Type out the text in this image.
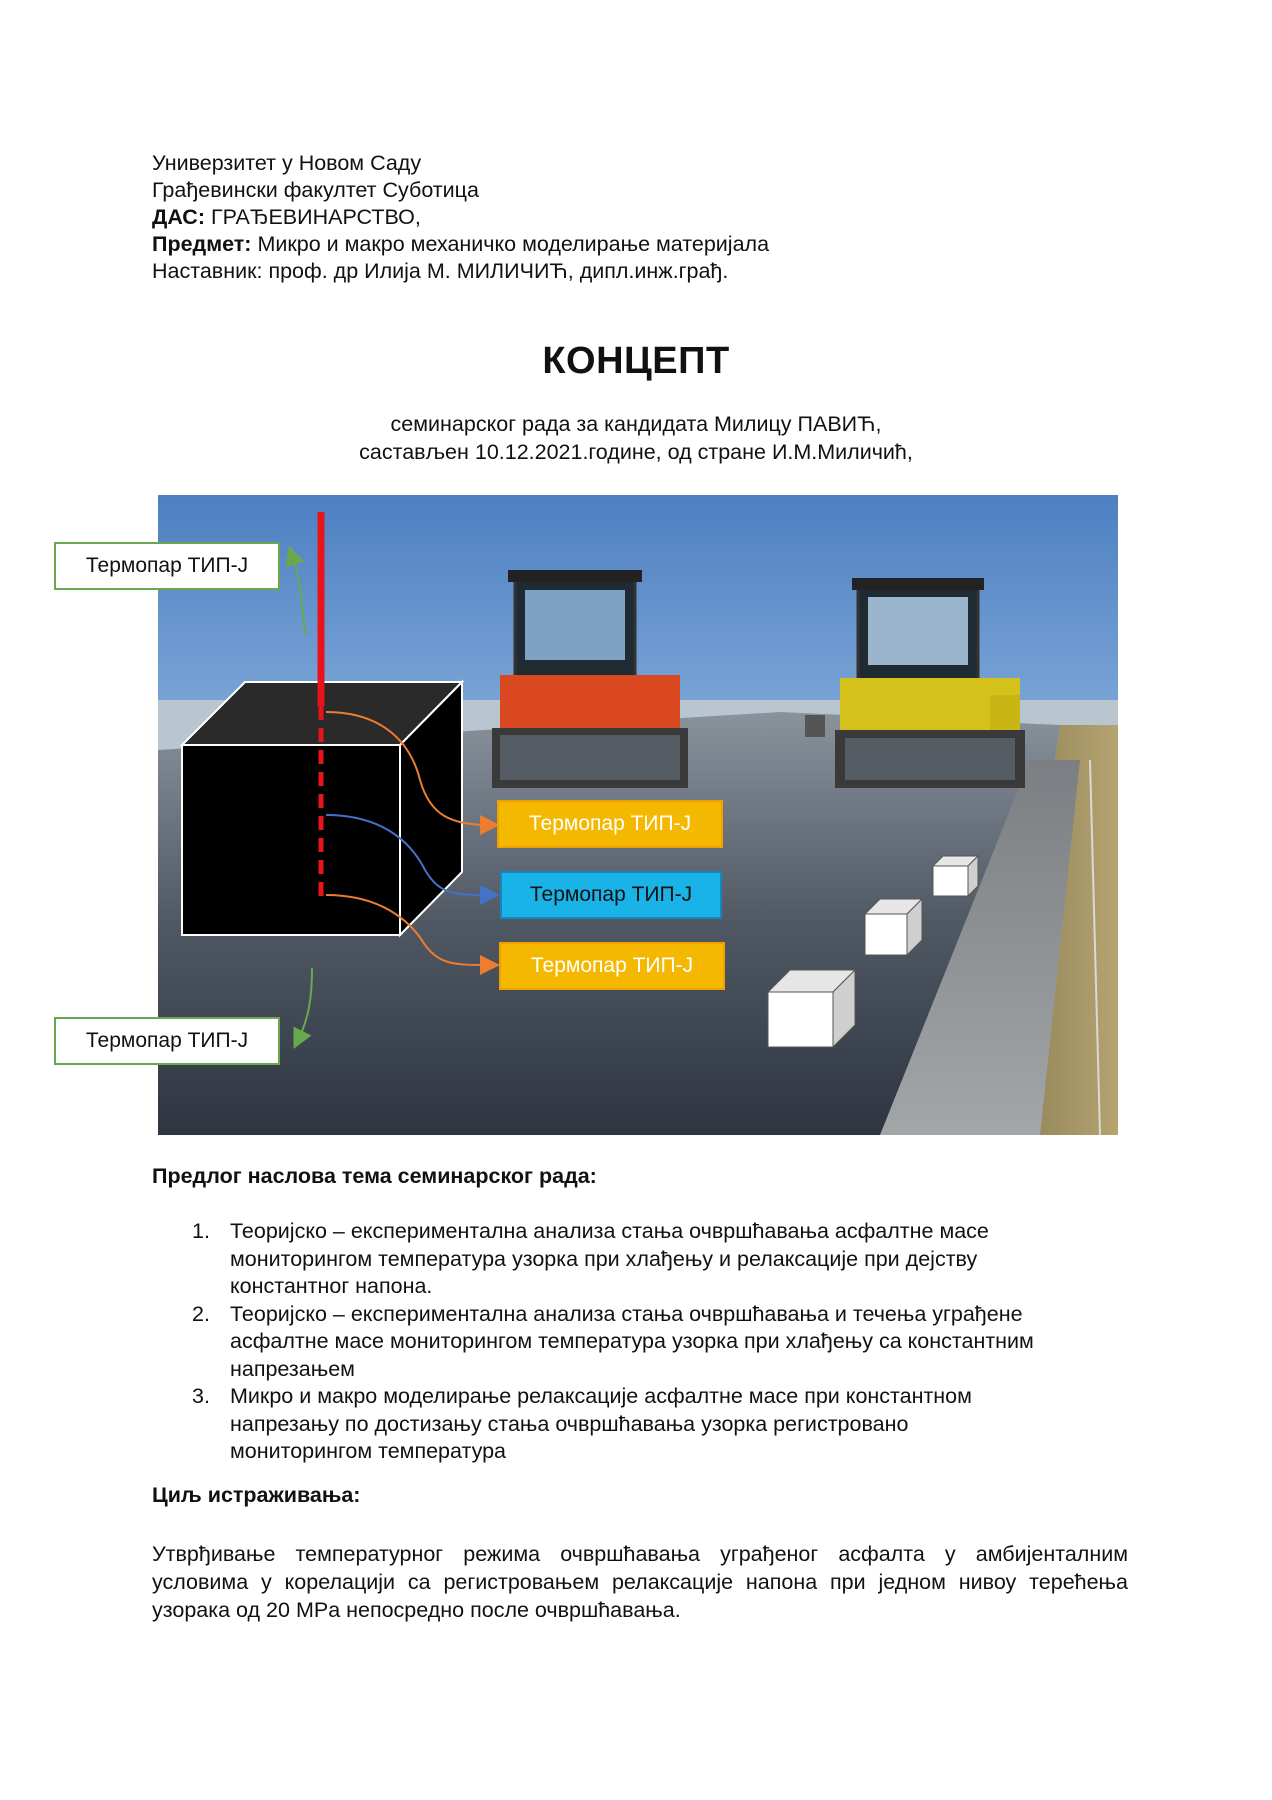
Универзитет у Новом Саду
Грађевински факултет Суботица
ДАС: ГРАЂЕВИНАРСТВО,
Предмет: Микро и макро механичко моделирање материјала
Наставник: проф. др Илија М. МИЛИЧИЋ, дипл.инж.грађ.
КОНЦЕПТ
семинарског рада за кандидата Милицу ПАВИЋ,
састављен 10.12.2021.године, од стране И.М.Миличић,
Термопар ТИП-Ј
Термопар ТИП-Ј
Термопар ТИП-Ј
Термопар ТИП-Ј
Термопар ТИП-Ј
Предлог наслова тема семинарског рада:
1. Теоријско – експериментална анализа стања очвршћавања асфалтне масе
мониторингом температура узорка при хлађењу и релаксације при дејству
константног напона.
2. Теоријско – експериментална анализа стања очвршћавања и течења уграђене
асфалтне масе мониторингом температура узорка при хлађењу са константним
напрезањем
3. Микро и макро моделирање релаксације асфалтне масе при константном
напрезању по достизању стања очвршћавања узорка регистровано
мониторингом температура
Циљ истраживања:
Утврђивање температурног режима очвршћавања уграђеног асфалта у амбијенталним условима у корелацији са регистровањем релаксације напона при једном нивоу терећења узорака од 20 MPa непосредно после очвршћавања.
